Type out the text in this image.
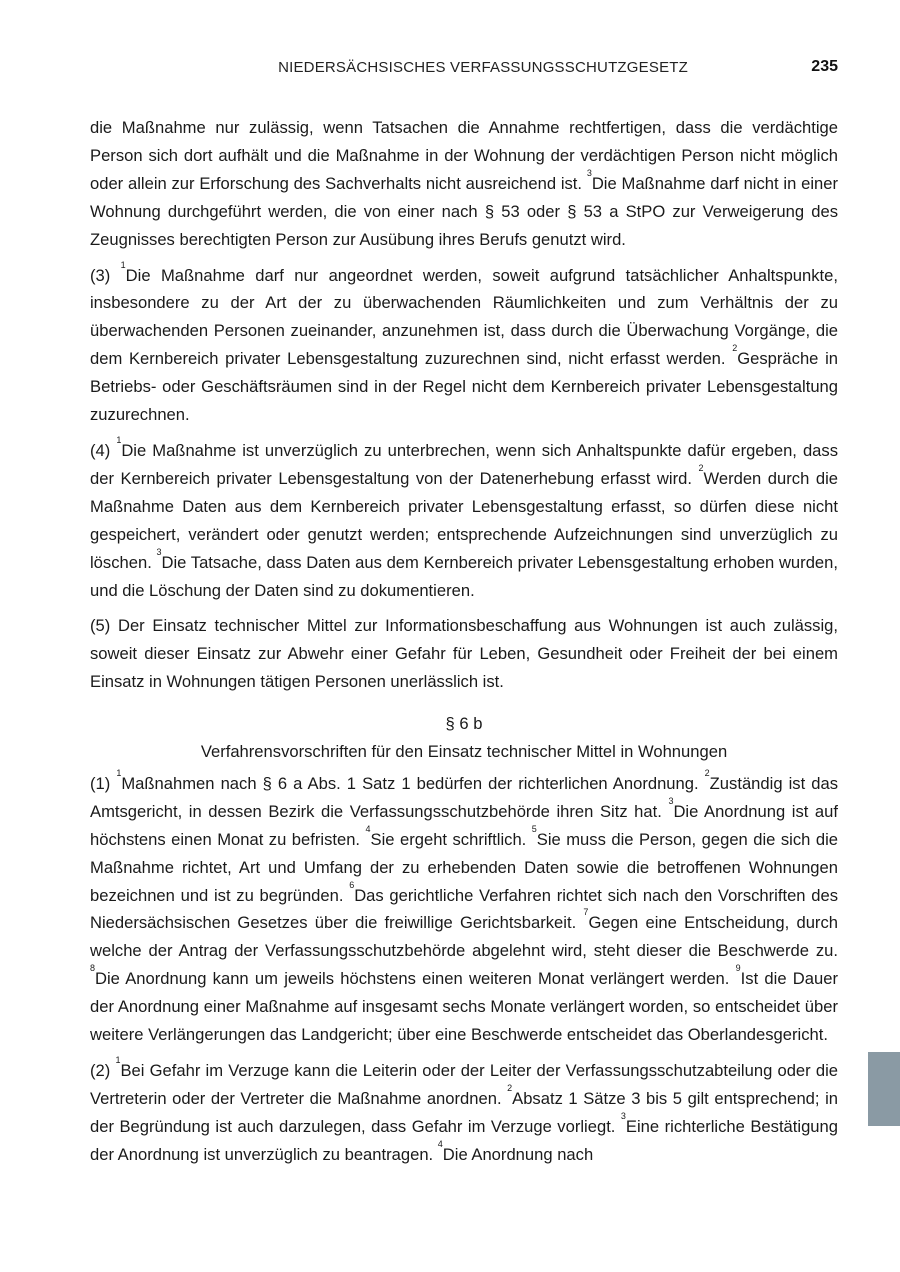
NIEDERSÄCHSISCHES VERFASSUNGSSCHUTZGESETZ	235

die Maßnahme nur zulässig, wenn Tatsachen die Annahme rechtfertigen, dass die verdächtige Person sich dort aufhält und die Maßnahme in der Wohnung der verdächtigen Person nicht möglich oder allein zur Erforschung des Sachverhalts nicht ausreichend ist. $^3$Die Maßnahme darf nicht in einer Wohnung durchgeführt werden, die von einer nach § 53 oder § 53 a StPO zur Verweigerung des Zeugnisses berechtigten Person zur Ausübung ihres Berufs genutzt wird.

(3) $^1$Die Maßnahme darf nur angeordnet werden, soweit aufgrund tatsächlicher Anhaltspunkte, insbesondere zu der Art der zu überwachenden Räumlichkeiten und zum Verhältnis der zu überwachenden Personen zueinander, anzunehmen ist, dass durch die Überwachung Vorgänge, die dem Kernbereich privater Lebensgestaltung zuzurechnen sind, nicht erfasst werden. $^2$Gespräche in Betriebs- oder Geschäftsräumen sind in der Regel nicht dem Kernbereich privater Lebensgestaltung zuzurechnen.

(4) $^1$Die Maßnahme ist unverzüglich zu unterbrechen, wenn sich Anhaltspunkte dafür ergeben, dass der Kernbereich privater Lebensgestaltung von der Datenerhebung erfasst wird. $^2$Werden durch die Maßnahme Daten aus dem Kernbereich privater Lebensgestaltung erfasst, so dürfen diese nicht gespeichert, verändert oder genutzt werden; entsprechende Aufzeichnungen sind unverzüglich zu löschen. $^3$Die Tatsache, dass Daten aus dem Kernbereich privater Lebensgestaltung erhoben wurden, und die Löschung der Daten sind zu dokumentieren.

(5) Der Einsatz technischer Mittel zur Informationsbeschaffung aus Wohnungen ist auch zulässig, soweit dieser Einsatz zur Abwehr einer Gefahr für Leben, Gesundheit oder Freiheit der bei einem Einsatz in Wohnungen tätigen Personen unerlässlich ist.

§ 6 b
Verfahrensvorschriften für den Einsatz technischer Mittel in Wohnungen

(1) $^1$Maßnahmen nach § 6 a Abs. 1 Satz 1 bedürfen der richterlichen Anordnung. $^2$Zuständig ist das Amtsgericht, in dessen Bezirk die Verfassungsschutzbehörde ihren Sitz hat. $^3$Die Anordnung ist auf höchstens einen Monat zu befristen. $^4$Sie ergeht schriftlich. $^5$Sie muss die Person, gegen die sich die Maßnahme richtet, Art und Umfang der zu erhebenden Daten sowie die betroffenen Wohnungen bezeichnen und ist zu begründen. $^6$Das gerichtliche Verfahren richtet sich nach den Vorschriften des Niedersächsischen Gesetzes über die freiwillige Gerichtsbarkeit. $^7$Gegen eine Entscheidung, durch welche der Antrag der Verfassungsschutzbehörde abgelehnt wird, steht dieser die Beschwerde zu. $^8$Die Anordnung kann um jeweils höchstens einen weiteren Monat verlängert werden. $^9$Ist die Dauer der Anordnung einer Maßnahme auf insgesamt sechs Monate verlängert worden, so entscheidet über weitere Verlängerungen das Landgericht; über eine Beschwerde entscheidet das Oberlandesgericht.

(2) $^1$Bei Gefahr im Verzuge kann die Leiterin oder der Leiter der Verfassungsschutzabteilung oder die Vertreterin oder der Vertreter die Maßnahme anordnen. $^2$Absatz 1 Sätze 3 bis 5 gilt entsprechend; in der Begründung ist auch darzulegen, dass Gefahr im Verzuge vorliegt. $^3$Eine richterliche Bestätigung der Anordnung ist unverzüglich zu beantragen. $^4$Die Anordnung nach
